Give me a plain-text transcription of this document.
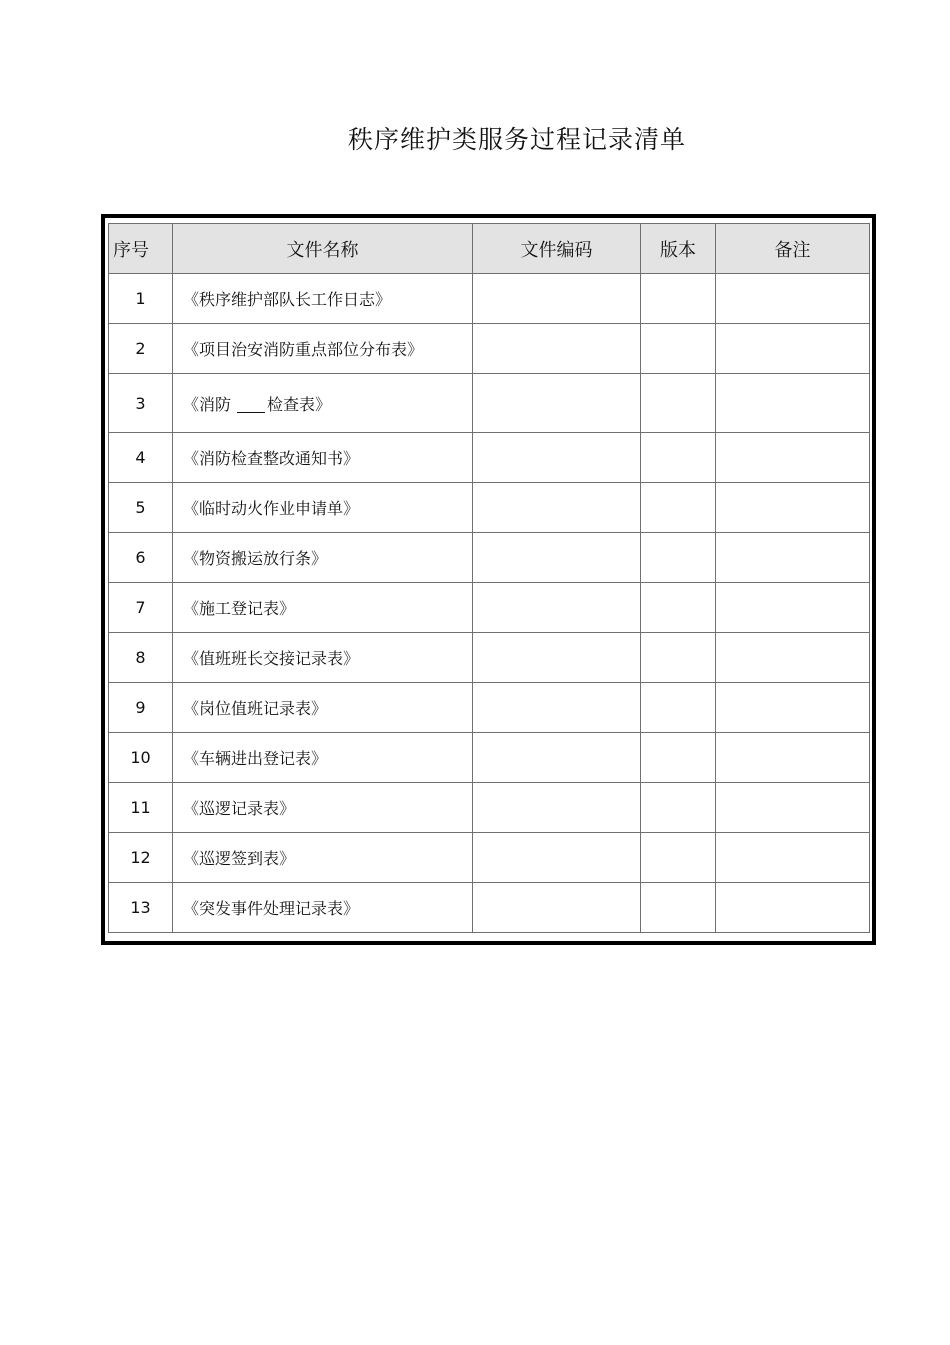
秩序维护类服务过程记录清单
序号	文件名称	文件编码	版本	备注
1	《秩序维护部队长工作日志》			
2	《项目治安消防重点部位分布表》			
3	《消防 检查表》			
4	《消防检查整改通知书》			
5	《临时动火作业申请单》			
6	《物资搬运放行条》			
7	《施工登记表》			
8	《值班班长交接记录表》			
9	《岗位值班记录表》			
10	《车辆进出登记表》			
11	《巡逻记录表》			
12	《巡逻签到表》			
13	《突发事件处理记录表》			
